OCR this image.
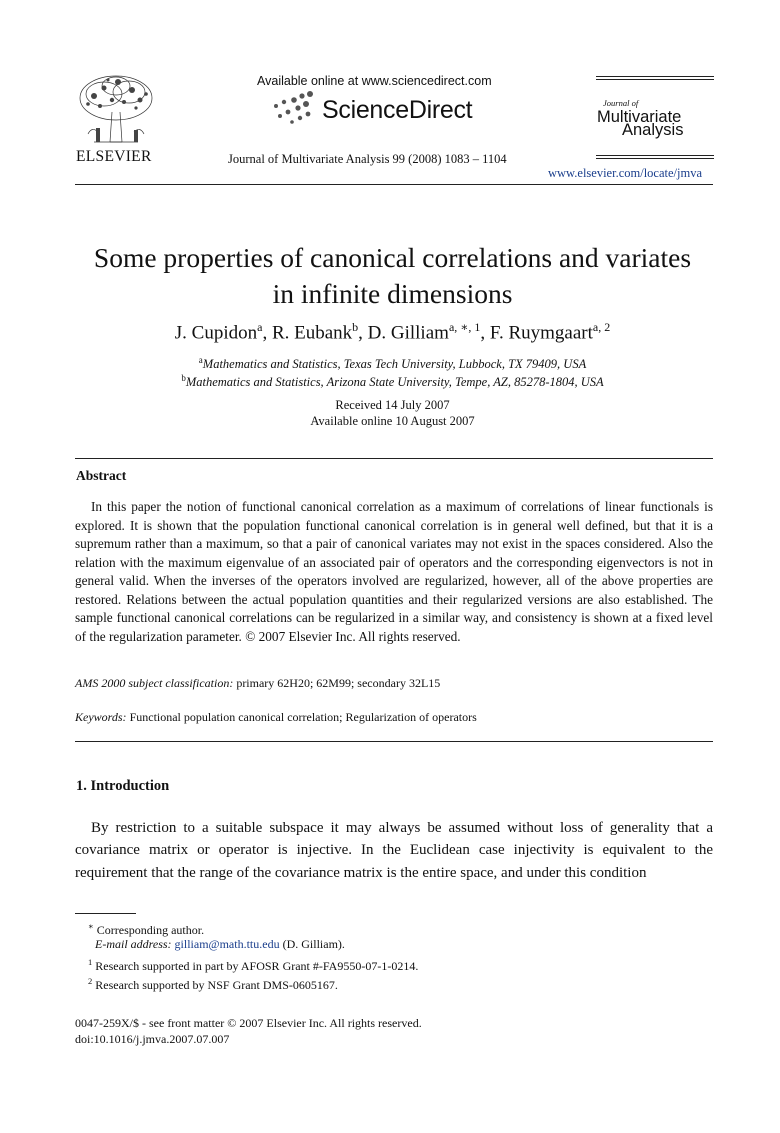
ELSEVIER
Available online at www.sciencedirect.com
ScienceDirect
Journal of Multivariate Analysis 99 (2008) 1083 – 1104
Journal of
Multivariate
Analysis
www.elsevier.com/locate/jmva
Some properties of canonical correlations and variates
in infinite dimensions
J. Cupidon$^a$, R. Eubank$^b$, D. Gilliam$^{a, ∗, 1}$, F. Ruymgaart$^{a, 2}$
$^a$Mathematics and Statistics, Texas Tech University, Lubbock, TX 79409, USA
$^b$Mathematics and Statistics, Arizona State University, Tempe, AZ, 85278-1804, USA
Received 14 July 2007
Available online 10 August 2007
Abstract
In this paper the notion of functional canonical correlation as a maximum of correlations of linear functionals is explored. It is shown that the population functional canonical correlation is in general well defined, but that it is a supremum rather than a maximum, so that a pair of canonical variates may not exist in the spaces considered. Also the relation with the maximum eigenvalue of an associated pair of operators and the corresponding eigenvectors is not in general valid. When the inverses of the operators involved are regularized, however, all of the above properties are restored. Relations between the actual population quantities and their regularized versions are also established. The sample functional canonical correlations can be regularized in a similar way, and consistency is shown at a fixed level of the regularization parameter. © 2007 Elsevier Inc. All rights reserved.
AMS 2000 subject classification: primary 62H20; 62M99; secondary 32L15
Keywords: Functional population canonical correlation; Regularization of operators
1. Introduction
By restriction to a suitable subspace it may always be assumed without loss of generality that a covariance matrix or operator is injective. In the Euclidean case injectivity is equivalent to the requirement that the range of the covariance matrix is the entire space, and under this condition
∗ Corresponding author.
E-mail address: gilliam@math.ttu.edu (D. Gilliam).
$^1$ Research supported in part by AFOSR Grant #-FA9550-07-1-0214.
$^2$ Research supported by NSF Grant DMS-0605167.
0047-259X/$ - see front matter © 2007 Elsevier Inc. All rights reserved.
doi:10.1016/j.jmva.2007.07.007
